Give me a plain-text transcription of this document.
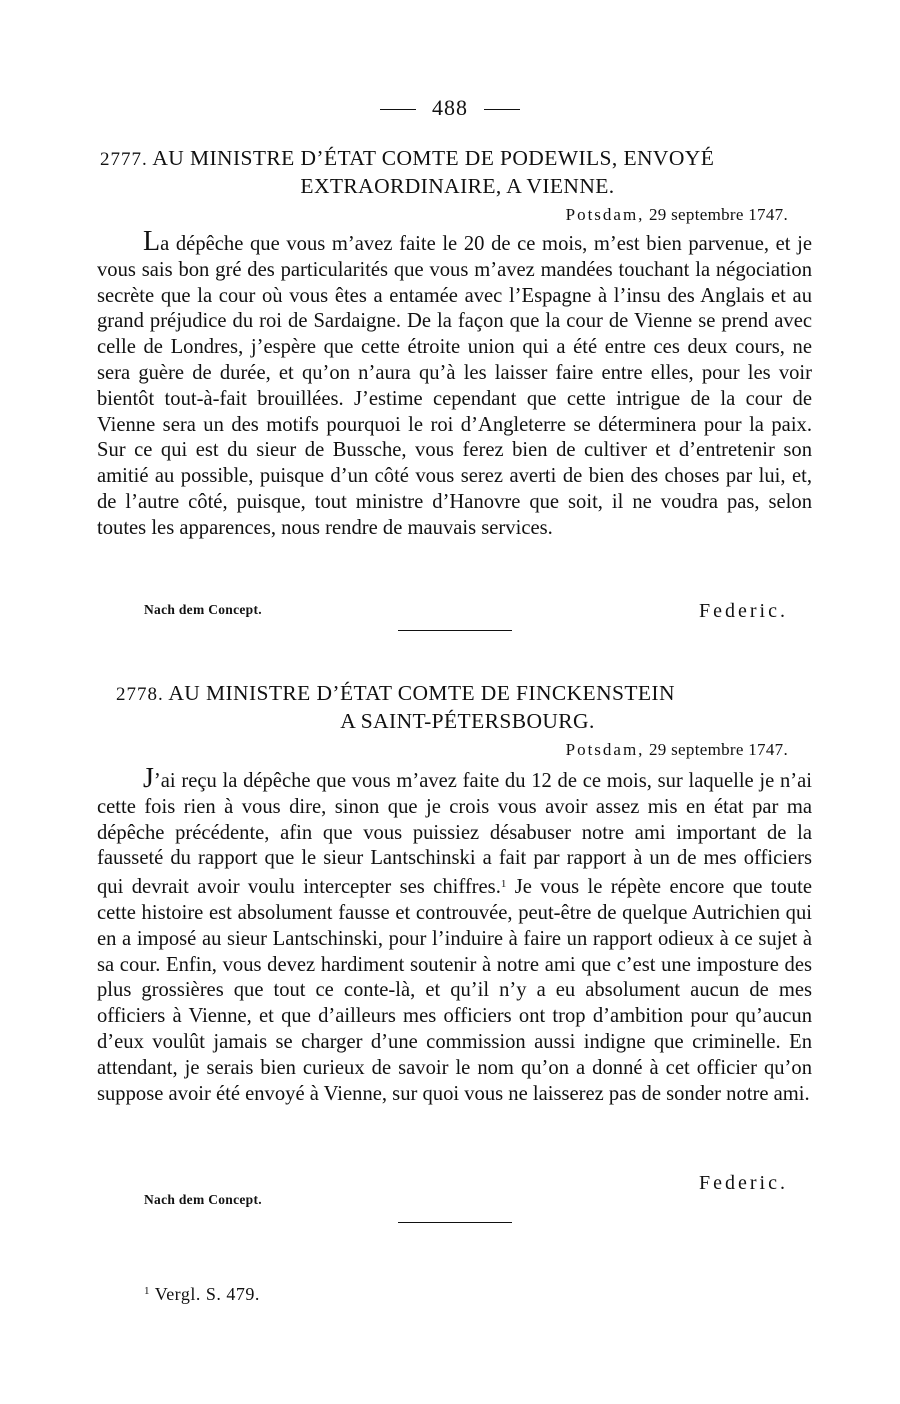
488
2777. AU MINISTRE D’ÉTAT COMTE DE PODEWILS, ENVOYÉ
EXTRAORDINAIRE, A VIENNE.
Potsdam, 29 septembre 1747.
La dépêche que vous m’avez faite le 20 de ce mois, m’est bien parvenue, et je vous sais bon gré des particularités que vous m’avez mandées touchant la négociation secrète que la cour où vous êtes a entamée avec l’Espagne à l’insu des Anglais et au grand préjudice du roi de Sardaigne. De la façon que la cour de Vienne se prend avec celle de Londres, j’espère que cette étroite union qui a été entre ces deux cours, ne sera guère de durée, et qu’on n’aura qu’à les laisser faire entre elles, pour les voir bientôt tout-à-fait brouillées. J’estime cependant que cette intrigue de la cour de Vienne sera un des motifs pourquoi le roi d’Angleterre se déterminera pour la paix. Sur ce qui est du sieur de Bussche, vous ferez bien de cultiver et d’entretenir son amitié au possible, puisque d’un côté vous serez averti de bien des choses par lui, et, de l’autre côté, puisque, tout ministre d’Hanovre que soit, il ne voudra pas, selon toutes les apparences, nous rendre de mauvais services.
Nach dem Concept.	Federic.
2778. AU MINISTRE D’ÉTAT COMTE DE FINCKENSTEIN
A SAINT-PÉTERSBOURG.
Potsdam, 29 septembre 1747.
J’ai reçu la dépêche que vous m’avez faite du 12 de ce mois, sur laquelle je n’ai cette fois rien à vous dire, sinon que je crois vous avoir assez mis en état par ma dépêche précédente, afin que vous puissiez désabuser notre ami important de la fausseté du rapport que le sieur Lantschinski a fait par rapport à un de mes officiers qui devrait avoir voulu intercepter ses chiffres.$^1$ Je vous le répète encore que toute cette histoire est absolument fausse et controuvée, peut-être de quelque Autrichien qui en a imposé au sieur Lantschinski, pour l’induire à faire un rapport odieux à ce sujet à sa cour. Enfin, vous devez hardiment soutenir à notre ami que c’est une imposture des plus grossières que tout ce conte-là, et qu’il n’y a eu absolument aucun de mes officiers à Vienne, et que d’ailleurs mes officiers ont trop d’ambition pour qu’aucun d’eux voulût jamais se charger d’une commission aussi indigne que criminelle. En attendant, je serais bien curieux de savoir le nom qu’on a donné à cet officier qu’on suppose avoir été envoyé à Vienne, sur quoi vous ne laisserez pas de sonder notre ami.
Nach dem Concept.
Federic.
$^1$ Vergl. S. 479.
